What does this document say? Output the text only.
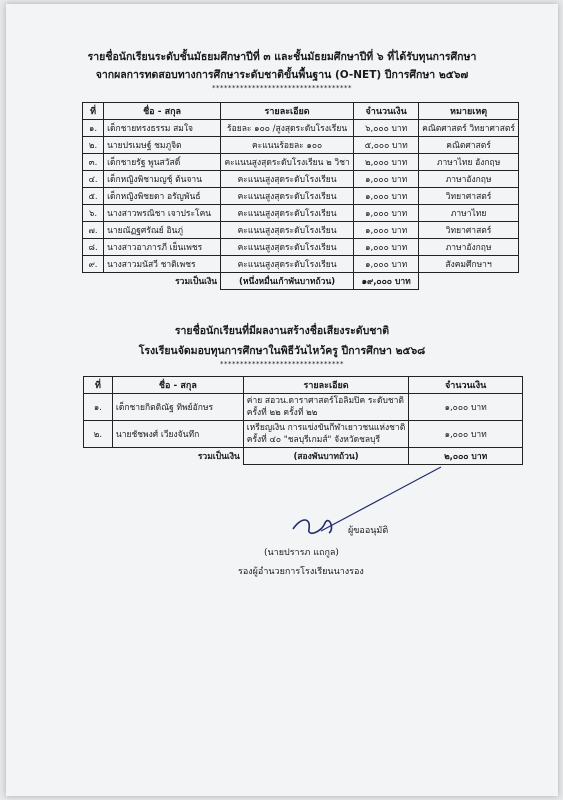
รายชื่อนักเรียนระดับชั้นมัธยมศึกษาปีที่ ๓ และชั้นมัธยมศึกษาปีที่ ๖ ที่ได้รับทุนการศึกษา
จากผลการทดสอบทางการศึกษาระดับชาติขั้นพื้นฐาน (O-NET) ปีการศึกษา ๒๕๖๗
***********************************
ที่	ชื่อ - สกุล	รายละเอียด	จำนวนเงิน	หมายเหตุ
๑.	เด็กชายทรงธรรม สมใจ	ร้อยละ ๑๐๐ /สูงสุดระดับโรงเรียน	๖,๐๐๐ บาท	คณิตศาสตร์ วิทยาศาสตร์
๒.	นายปรเมษฐ์ ชมภูจิต	คะแนนร้อยละ ๑๐๐	๕,๐๐๐ บาท	คณิตศาสตร์
๓.	เด็กชายรัฐ พูนสวัสดิ์	คะแนนสูงสุดระดับโรงเรียน ๒ วิชา	๒,๐๐๐ บาท	ภาษาไทย อังกฤษ
๔.	เด็กหญิงพิชามญชุ์ ต้นจาน	คะแนนสูงสุดระดับโรงเรียน	๑,๐๐๐ บาท	ภาษาอังกฤษ
๕.	เด็กหญิงพิชยดา อรัญพันธ์	คะแนนสูงสุดระดับโรงเรียน	๑,๐๐๐ บาท	วิทยาศาสตร์
๖.	นางสาวพรณิชา เจาประโคน	คะแนนสูงสุดระดับโรงเรียน	๑,๐๐๐ บาท	ภาษาไทย
๗.	นายณัฏฐศรัณย์ อินภู่	คะแนนสูงสุดระดับโรงเรียน	๑,๐๐๐ บาท	วิทยาศาสตร์
๘.	นางสาวอาภารภี เย็นเพชร	คะแนนสูงสุดระดับโรงเรียน	๑,๐๐๐ บาท	ภาษาอังกฤษ
๙.	นางสาวมนัสวี ชาติเพชร	คะแนนสูงสุดระดับโรงเรียน	๑,๐๐๐ บาท	สังคมศึกษาฯ
รวมเป็นเงิน		(หนึ่งหมื่นเก้าพันบาทถ้วน)	๑๙,๐๐๐ บาท	
รายชื่อนักเรียนที่มีผลงานสร้างชื่อเสียงระดับชาติ
โรงเรียนจัดมอบทุนการศึกษาในพิธีวันไหว้ครู ปีการศึกษา ๒๕๖๘
*******************************
ที่	ชื่อ - สกุล	รายละเอียด	จำนวนเงิน
๑.	เด็กชายกิตติณัฐ ทิพย์อักษร	ค่าย สอวน.ดาราศาสตร์โอลิมปิค ระดับชาติ ครั้งที่ ๒๒ ครั้งที่ ๒๒	๑,๐๐๐ บาท
๒.	นายชัชพงศ์ เวียงจันทึก	เหรียญเงิน การแข่งขันกีฬาเยาวชนแห่งชาติ ครั้งที่ ๔๐ "ชลบุรีเกมส์" จังหวัดชลบุรี	๑,๐๐๐ บาท
รวมเป็นเงิน		(สองพันบาทถ้วน)	๒,๐๐๐ บาท
ผู้ขออนุมัติ
(นายปรารภ แถกูล)
รองผู้อำนวยการโรงเรียนนางรอง
